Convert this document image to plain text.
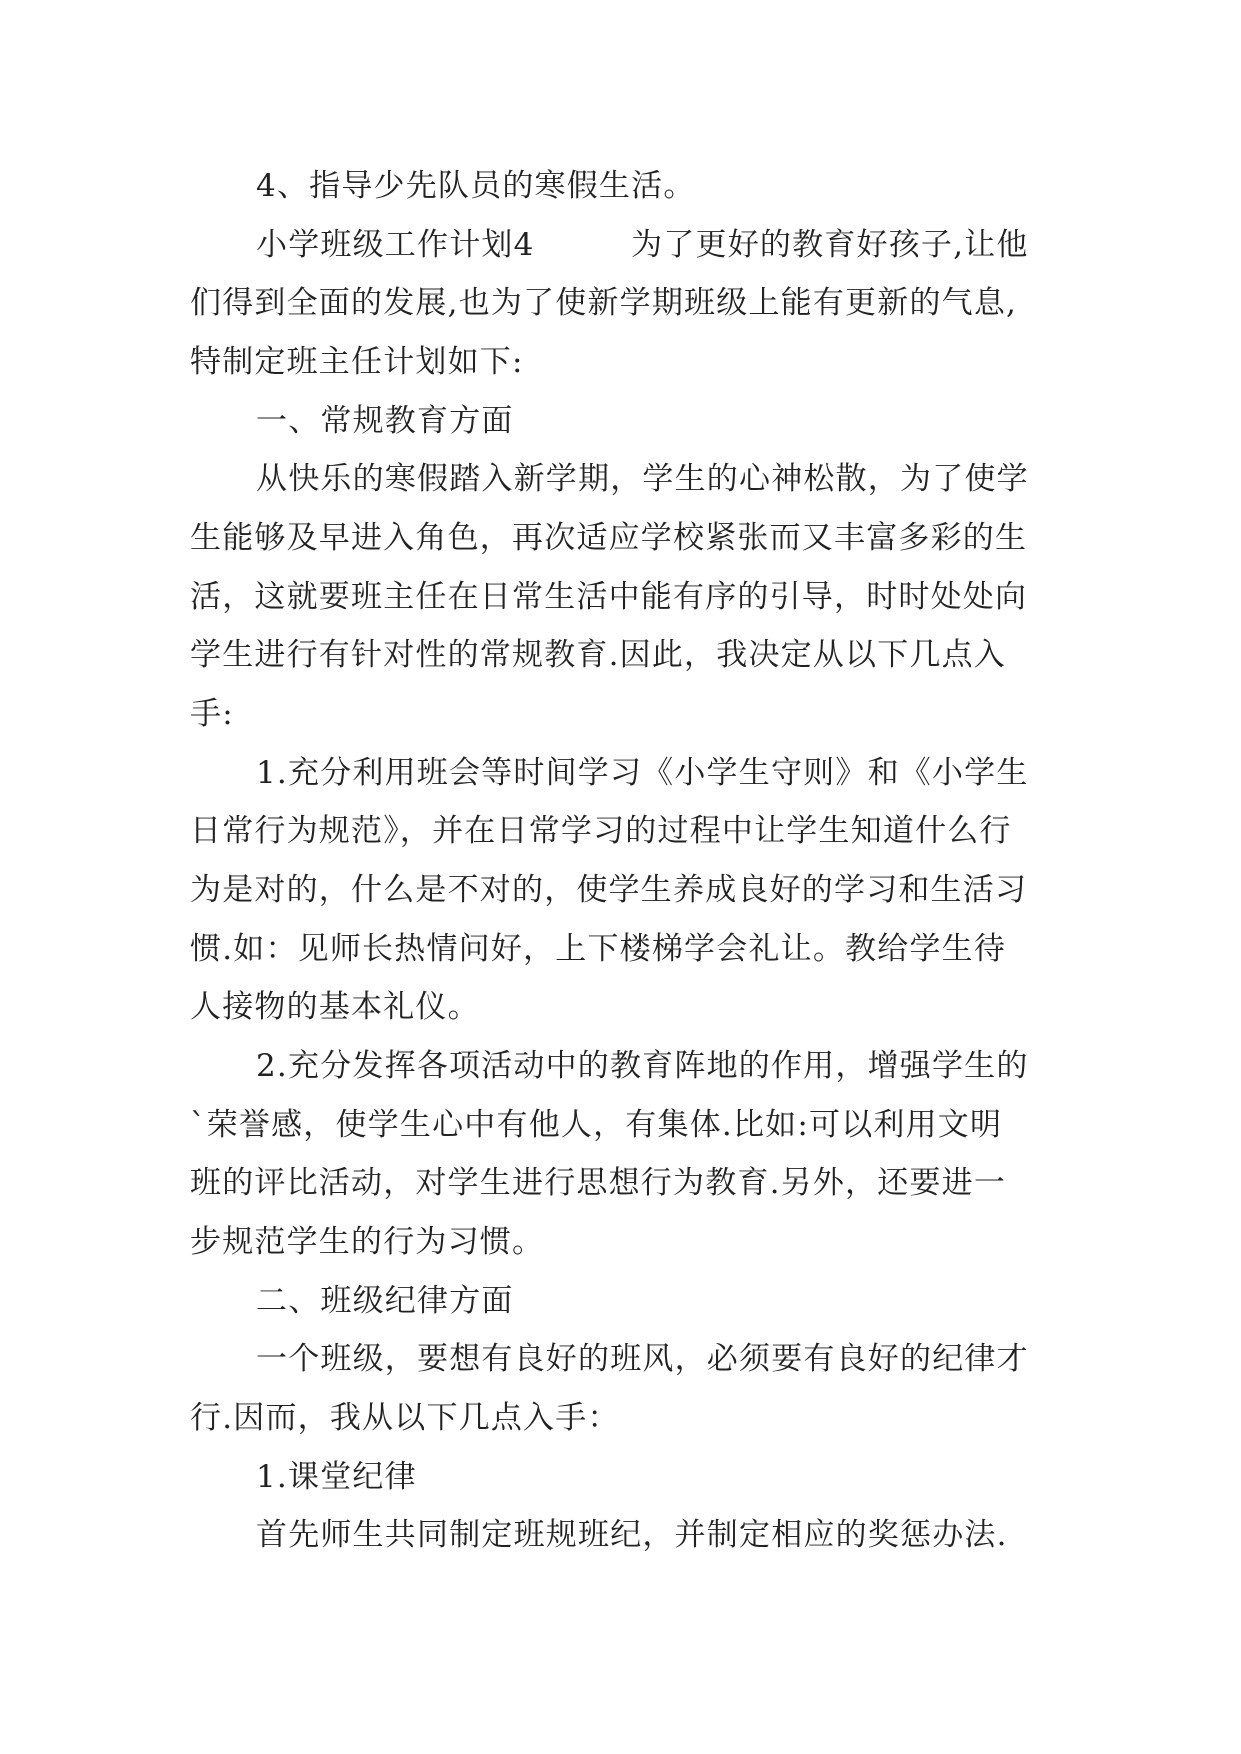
4、指导少先队员的寒假生活。
小学班级工作计划4　　　为了更好的教育好孩子,让他
们得到全面的发展,也为了使新学期班级上能有更新的气息,
特制定班主任计划如下:
一、常规教育方面
从快乐的寒假踏入新学期，学生的心神松散，为了使学
生能够及早进入角色，再次适应学校紧张而又丰富多彩的生
活，这就要班主任在日常生活中能有序的引导，时时处处向
学生进行有针对性的常规教育.因此，我决定从以下几点入
手:
1.充分利用班会等时间学习《小学生守则》和《小学生
日常行为规范》，并在日常学习的过程中让学生知道什么行
为是对的，什么是不对的，使学生养成良好的学习和生活习
惯.如：见师长热情问好，上下楼梯学会礼让。教给学生待
人接物的基本礼仪。
2.充分发挥各项活动中的教育阵地的作用，增强学生的
`荣誉感，使学生心中有他人，有集体.比如:可以利用文明
班的评比活动，对学生进行思想行为教育.另外，还要进一
步规范学生的行为习惯。
二、班级纪律方面
一个班级，要想有良好的班风，必须要有良好的纪律才
行.因而，我从以下几点入手：
1.课堂纪律
首先师生共同制定班规班纪，并制定相应的奖惩办法.
